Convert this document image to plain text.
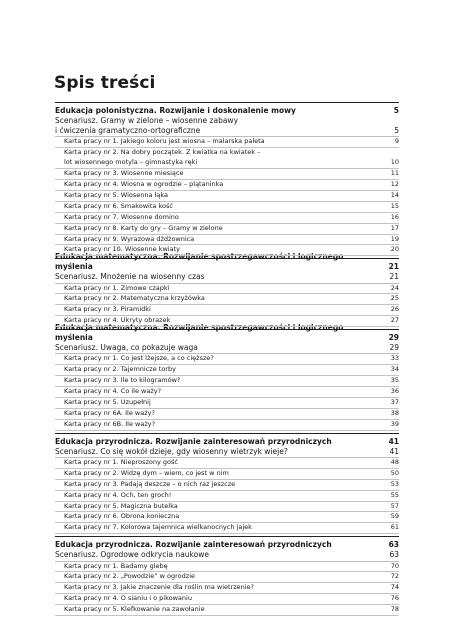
Spis treści
Edukacja polonistyczna. Rozwijanie i doskonalenie mowy	5
Scenariusz. Gramy w zielone – wiosenne zabawy
i ćwiczenia gramatyczno-ortograficzne	5
Karta pracy nr 1. Jakiego koloru jest wiosna – malarska paleta	9
Karta pracy nr 2. Na dobry początek. Z kwiatka na kwiatek –
lot wiosennego motyla – gimnastyka ręki	10
Karta pracy nr 3. Wiosenne miesiące	11
Karta pracy nr 4. Wiosna w ogrodzie – plątaninka	12
Karta pracy nr 5. Wiosenna łąka	14
Karta pracy nr 6. Smakowita kość	15
Karta pracy nr 7. Wiosenne domino	16
Karta pracy nr 8. Karty do gry – Gramy w zielone	17
Karta pracy nr 9. Wyrazowa dżdżownica	19
Karta pracy nr 10. Wiosenne kwiaty	20
Edukacja matematyczna. Rozwijanie spostrzegawczości i logicznego myślenia	21
Scenariusz. Mnożenie na wiosenny czas	21
Karta pracy nr 1. Zimowe czapki	24
Karta pracy nr 2. Matematyczna krzyżówka	25
Karta pracy nr 3. Piramidki	26
Karta pracy nr 4. Ukryty obrazek	27
Edukacja matematyczna. Rozwijanie spostrzegawczości i logicznego myślenia	29
Scenariusz. Uwaga, co pokazuje waga	29
Karta pracy nr 1. Co jest lżejsze, a co cięższe?	33
Karta pracy nr 2. Tajemnicze torby	34
Karta pracy nr 3. Ile to kilogramów?	35
Karta pracy nr 4. Co ile waży?	36
Karta pracy nr 5. Uzupełnij	37
Karta pracy nr 6A. Ile waży?	38
Karta pracy nr 6B. Ile waży?	39
Edukacja przyrodnicza. Rozwijanie zainteresowań przyrodniczych	41
Scenariusz. Co się wokół dzieje, gdy wiosenny wietrzyk wieje?	41
Karta pracy nr 1. Nieproszony gość	48
Karta pracy nr 2. Widzę dym – wiem, co jest w nim	50
Karta pracy nr 3. Padają deszcze – o nich raz jeszcze	53
Karta pracy nr 4. Och, ten groch!	55
Karta pracy nr 5. Magiczna butelka	57
Karta pracy nr 6. Obrona konieczna	59
Karta pracy nr 7. Kolorowa tajemnica wielkanocnych jajek	61
Edukacja przyrodnicza. Rozwijanie zainteresowań przyrodniczych	63
Scenariusz. Ogrodowe odkrycia naukowe	63
Karta pracy nr 1. Badamy glebę	70
Karta pracy nr 2. „Powodzie” w ogrodzie	72
Karta pracy nr 3. Jakie znaczenie dla roślin ma wietrzenie?	74
Karta pracy nr 4. O sianiu i o pikowaniu	76
Karta pracy nr 5. Klefkowanie na zawołanie	78
